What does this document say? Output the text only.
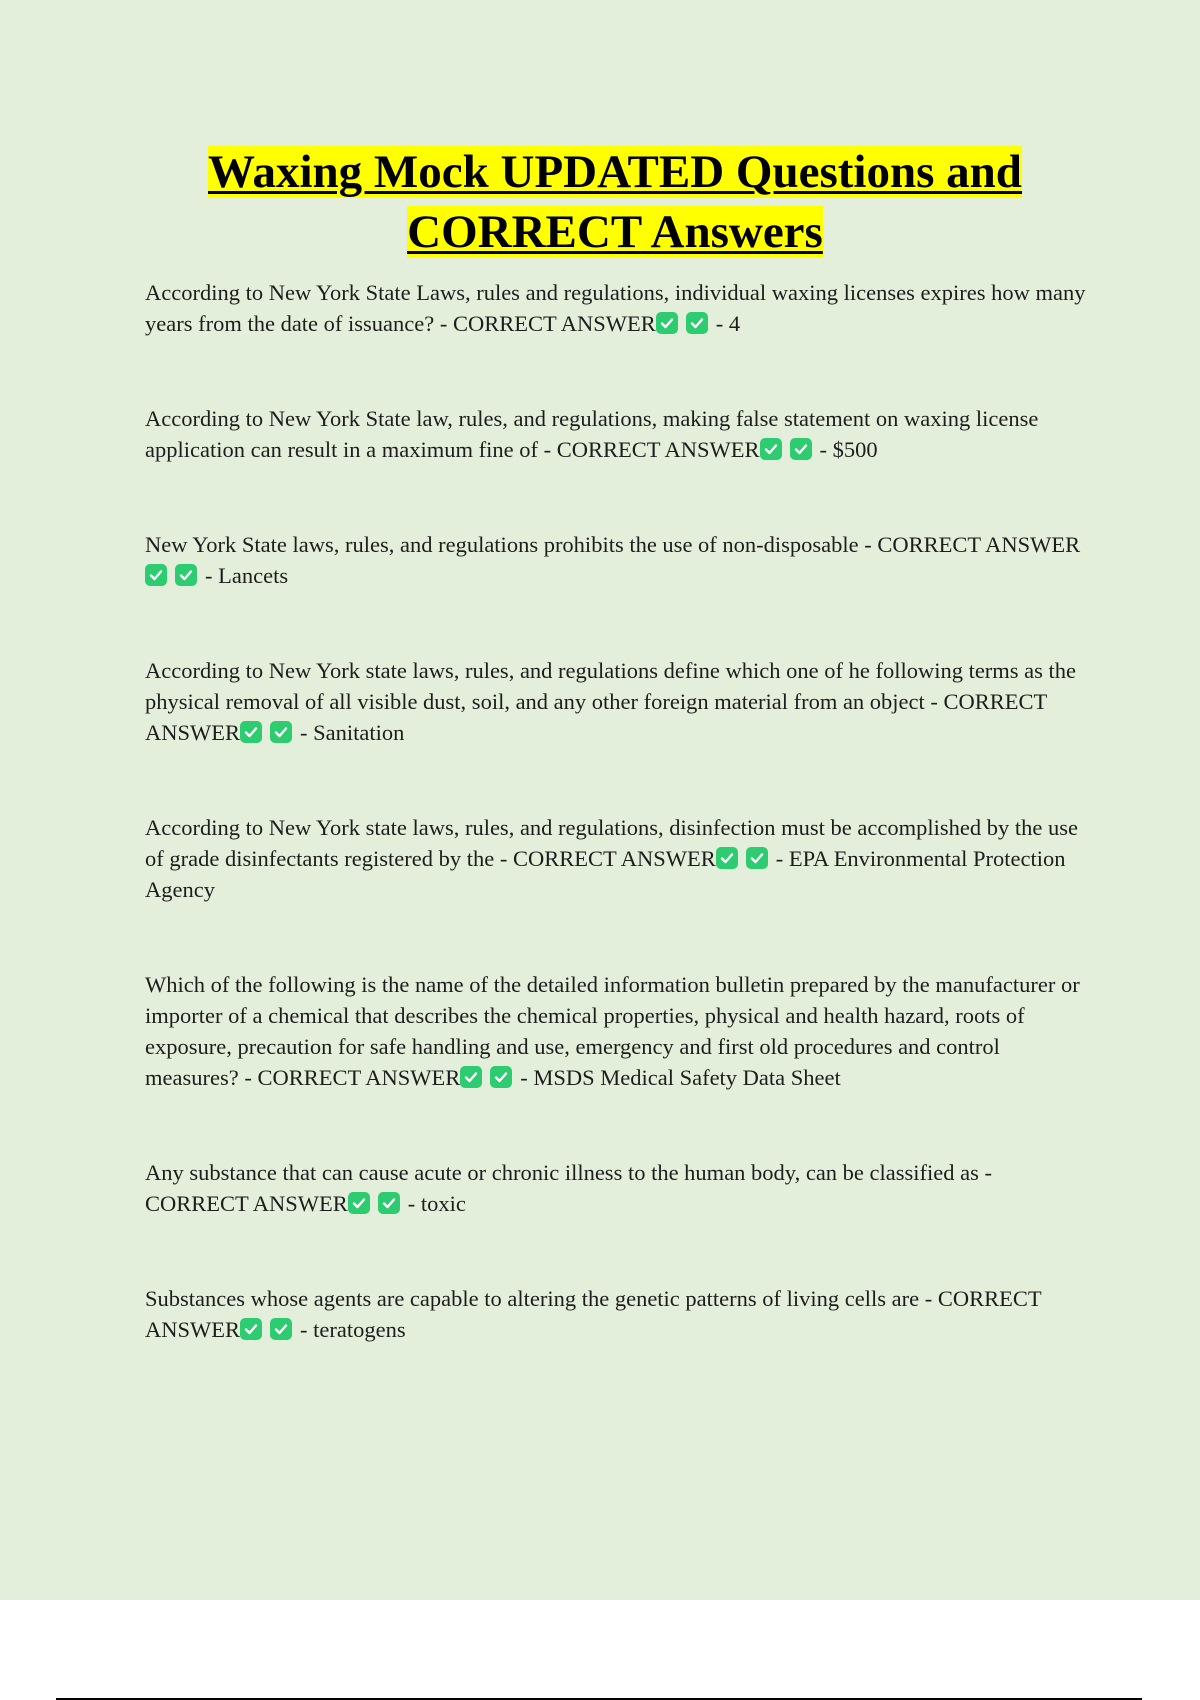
Waxing Mock UPDATED Questions and
CORRECT Answers
According to New York State Laws, rules and regulations, individual waxing licenses expires how many years from the date of issuance? - CORRECT ANSWER	- 4
According to New York State law, rules, and regulations, making false statement on waxing license application can result in a maximum fine of - CORRECT ANSWER	- $500
New York State laws, rules, and regulations prohibits the use of non-disposable - CORRECT ANSWER
- Lancets
According to New York state laws, rules, and regulations define which one of he following terms as the physical removal of all visible dust, soil, and any other foreign material from an object - CORRECT ANSWER	- Sanitation
According to New York state laws, rules, and regulations, disinfection must be accomplished by the use of grade disinfectants registered by the - CORRECT ANSWER	- EPA Environmental Protection Agency
Which of the following is the name of the detailed information bulletin prepared by the manufacturer or importer of a chemical that describes the chemical properties, physical and health hazard, roots of exposure, precaution for safe handling and use, emergency and first old procedures and control measures? - CORRECT ANSWER	- MSDS Medical Safety Data Sheet
Any substance that can cause acute or chronic illness to the human body, can be classified as - CORRECT ANSWER	- toxic
Substances whose agents are capable to altering the genetic patterns of living cells are - CORRECT ANSWER	- teratogens
